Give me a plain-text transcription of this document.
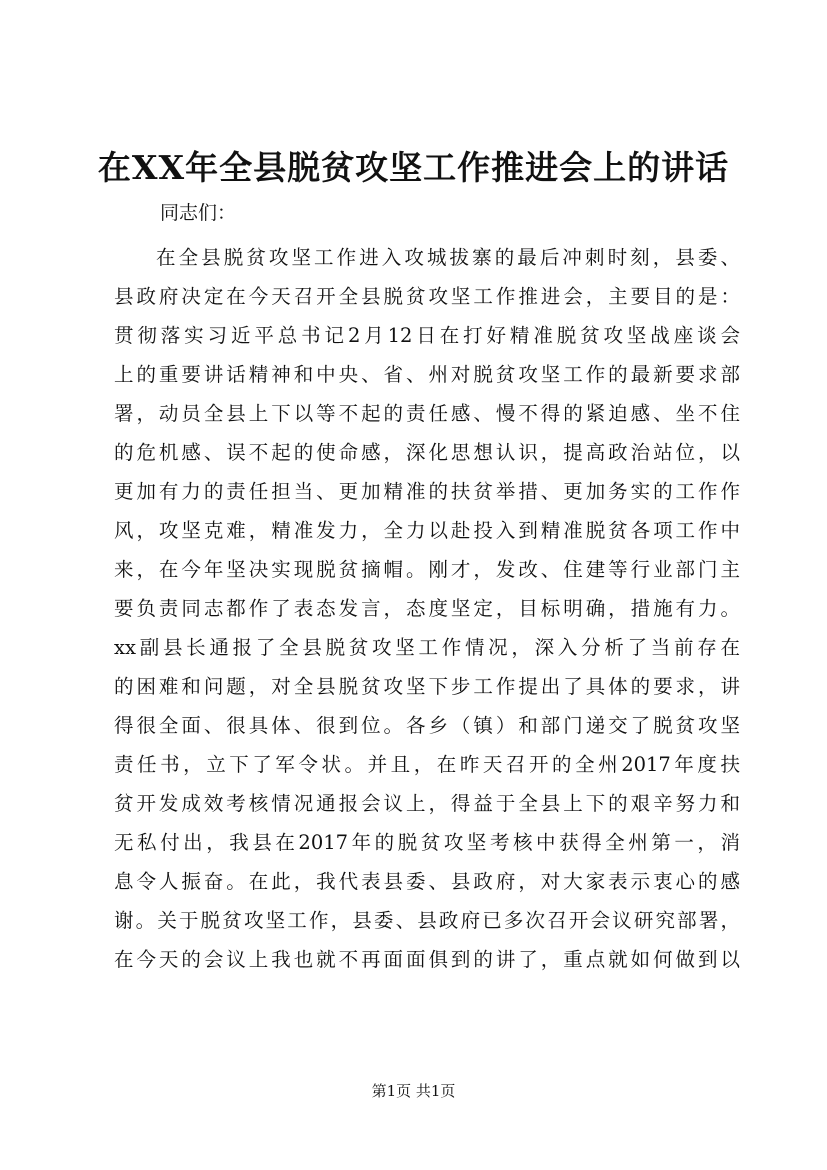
在XX年全县脱贫攻坚工作推进会上的讲话
同志们：
在全县脱贫攻坚工作进入攻城拔寨的最后冲刺时刻，县委、
县政府决定在今天召开全县脱贫攻坚工作推进会，主要目的是：
贯彻落实习近平总书记2月12日在打好精准脱贫攻坚战座谈会
上的重要讲话精神和中央、省、州对脱贫攻坚工作的最新要求部
署，动员全县上下以等不起的责任感、慢不得的紧迫感、坐不住
的危机感、误不起的使命感，深化思想认识，提高政治站位，以
更加有力的责任担当、更加精准的扶贫举措、更加务实的工作作
风，攻坚克难，精准发力，全力以赴投入到精准脱贫各项工作中
来，在今年坚决实现脱贫摘帽。刚才，发改、住建等行业部门主
要负责同志都作了表态发言，态度坚定，目标明确，措施有力。
xx副县长通报了全县脱贫攻坚工作情况，深入分析了当前存在
的困难和问题，对全县脱贫攻坚下步工作提出了具体的要求，讲
得很全面、很具体、很到位。各乡（镇）和部门递交了脱贫攻坚
责任书，立下了军令状。并且，在昨天召开的全州2017年度扶
贫开发成效考核情况通报会议上，得益于全县上下的艰辛努力和
无私付出，我县在2017年的脱贫攻坚考核中获得全州第一，消
息令人振奋。在此，我代表县委、县政府，对大家表示衷心的感
谢。关于脱贫攻坚工作，县委、县政府已多次召开会议研究部署，
在今天的会议上我也就不再面面俱到的讲了，重点就如何做到以
第1页 共1页
